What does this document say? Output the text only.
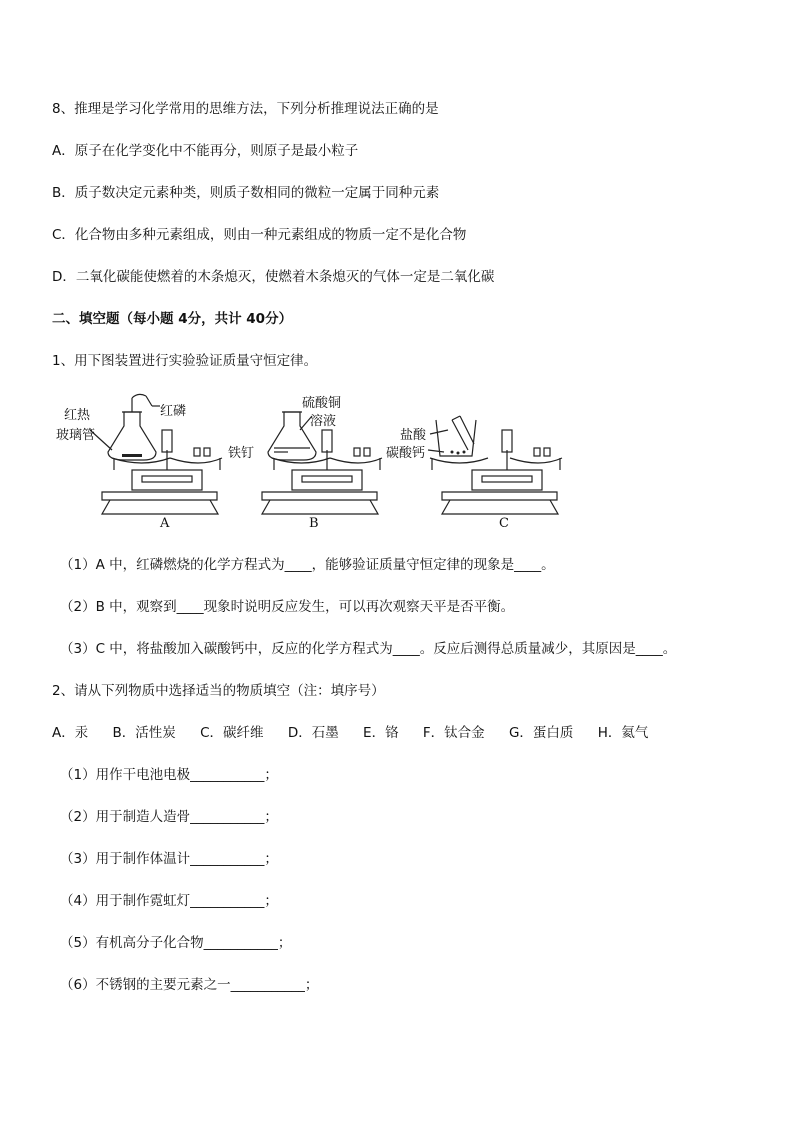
8、推理是学习化学常用的思维方法，下列分析推理说法正确的是
A．原子在化学变化中不能再分，则原子是最小粒子
B．质子数决定元素种类，则质子数相同的微粒一定属于同种元素
C．化合物由多种元素组成，则由一种元素组成的物质一定不是化合物
D．二氧化碳能使燃着的木条熄灭，使燃着木条熄灭的气体一定是二氧化碳
二、填空题（每小题 4分，共计 40分）
1、用下图装置进行实验验证质量守恒定律。
红热
玻璃管
红磷
A
硫酸铜
溶液
铁钉
B
盐酸
碳酸钙
C
（1）A 中，红磷燃烧的化学方程式为____，能够验证质量守恒定律的现象是____。
（2）B 中，观察到____现象时说明反应发生，可以再次观察天平是否平衡。
（3）C 中，将盐酸加入碳酸钙中，反应的化学方程式为____。反应后测得总质量减少，其原因是____。
2、请从下列物质中选择适当的物质填空（注：填序号）
A．汞 B．活性炭 C．碳纤维 D．石墨 E．铬 F．钛合金 G．蛋白质 H．氦气
（1）用作干电池电极___________；
（2）用于制造人造骨___________；
（3）用于制作体温计___________；
（4）用于制作霓虹灯___________；
（5）有机高分子化合物___________；
（6）不锈钢的主要元素之一___________；
